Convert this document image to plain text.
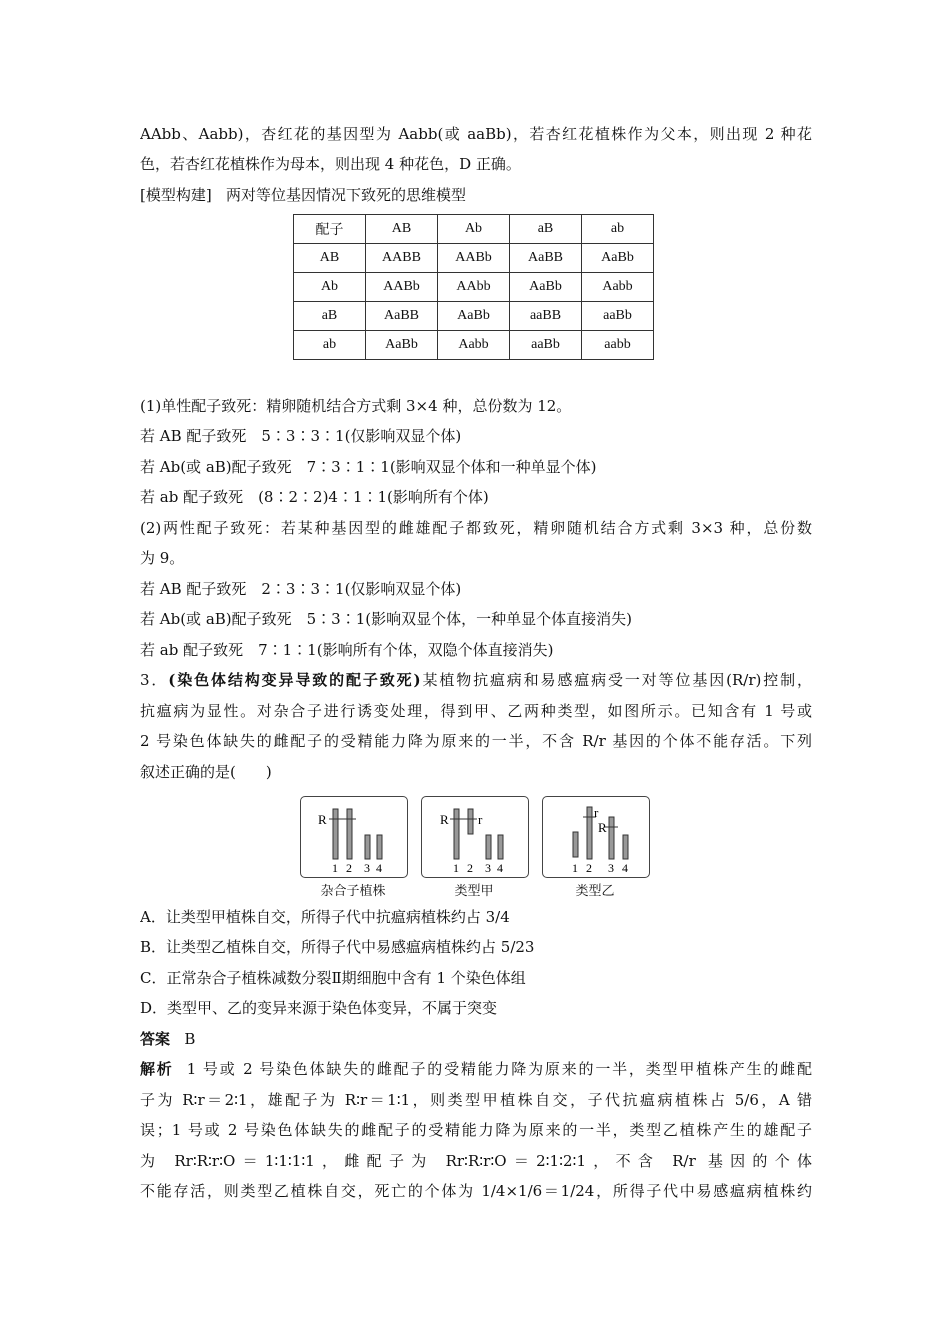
AAbb、Aabb)，杏红花的基因型为 Aabb(或 aaBb)，若杏红花植株作为父本，则出现 2 种花
色，若杏红花植株作为母本，则出现 4 种花色，D 正确。
[模型构建] 两对等位基因情况下致死的思维模型
配子	AB	Ab	aB	ab
AB	AABB	AABb	AaBB	AaBb
Ab	AABb	AAbb	AaBb	Aabb
aB	AaBB	AaBb	aaBB	aaBb
ab	AaBb	Aabb	aaBb	aabb
(1)单性配子致死：精卵随机结合方式剩 3×4 种，总份数为 12。
若 AB 配子致死　5∶3∶3∶1(仅影响双显个体)
若 Ab(或 aB)配子致死　7∶3∶1∶1(影响双显个体和一种单显个体)
若 ab 配子致死　(8∶2∶2)4∶1∶1(影响所有个体)
(2)两性配子致死：若某种基因型的雌雄配子都致死，精卵随机结合方式剩 3×3 种，总份数
为 9。
若 AB 配子致死　2∶3∶3∶1(仅影响双显个体)
若 Ab(或 aB)配子致死　5∶3∶1(影响双显个体，一种单显个体直接消失)
若 ab 配子致死　7∶1∶1(影响所有个体，双隐个体直接消失)
3．(染色体结构变异导致的配子致死)某植物抗瘟病和易感瘟病受一对等位基因(R/r)控制，
抗瘟病为显性。对杂合子进行诱变处理，得到甲、乙两种类型，如图所示。已知含有 1 号或
2 号染色体缺失的雌配子的受精能力降为原来的一半，不含 R/r 基因的个体不能存活。下列
叙述正确的是(　　)
R
1 2 3 4
杂合子植株
R r
1 2 3 4
类型甲
r
R
1 2 3 4
类型乙
A．让类型甲植株自交，所得子代中抗瘟病植株约占 3/4
B．让类型乙植株自交，所得子代中易感瘟病植株约占 5/23
C．正常杂合子植株减数分裂Ⅱ期细胞中含有 1 个染色体组
D．类型甲、乙的变异来源于染色体变异，不属于突变
答案 B
解析 1 号或 2 号染色体缺失的雌配子的受精能力降为原来的一半，类型甲植株产生的雌配
子为 R∶r＝2∶1，雄配子为 R∶r＝1∶1，则类型甲植株自交，子代抗瘟病植株占 5/6，A 错
误；1 号或 2 号染色体缺失的雌配子的受精能力降为原来的一半，类型乙植株产生的雄配子
为 Rr∶R∶r∶O＝1∶1∶1∶1，雌配子为 Rr∶R∶r∶O＝2∶1∶2∶1，不含 R/r 基因的个体
不能存活，则类型乙植株自交，死亡的个体为 1/4×1/6＝1/24，所得子代中易感瘟病植株约
